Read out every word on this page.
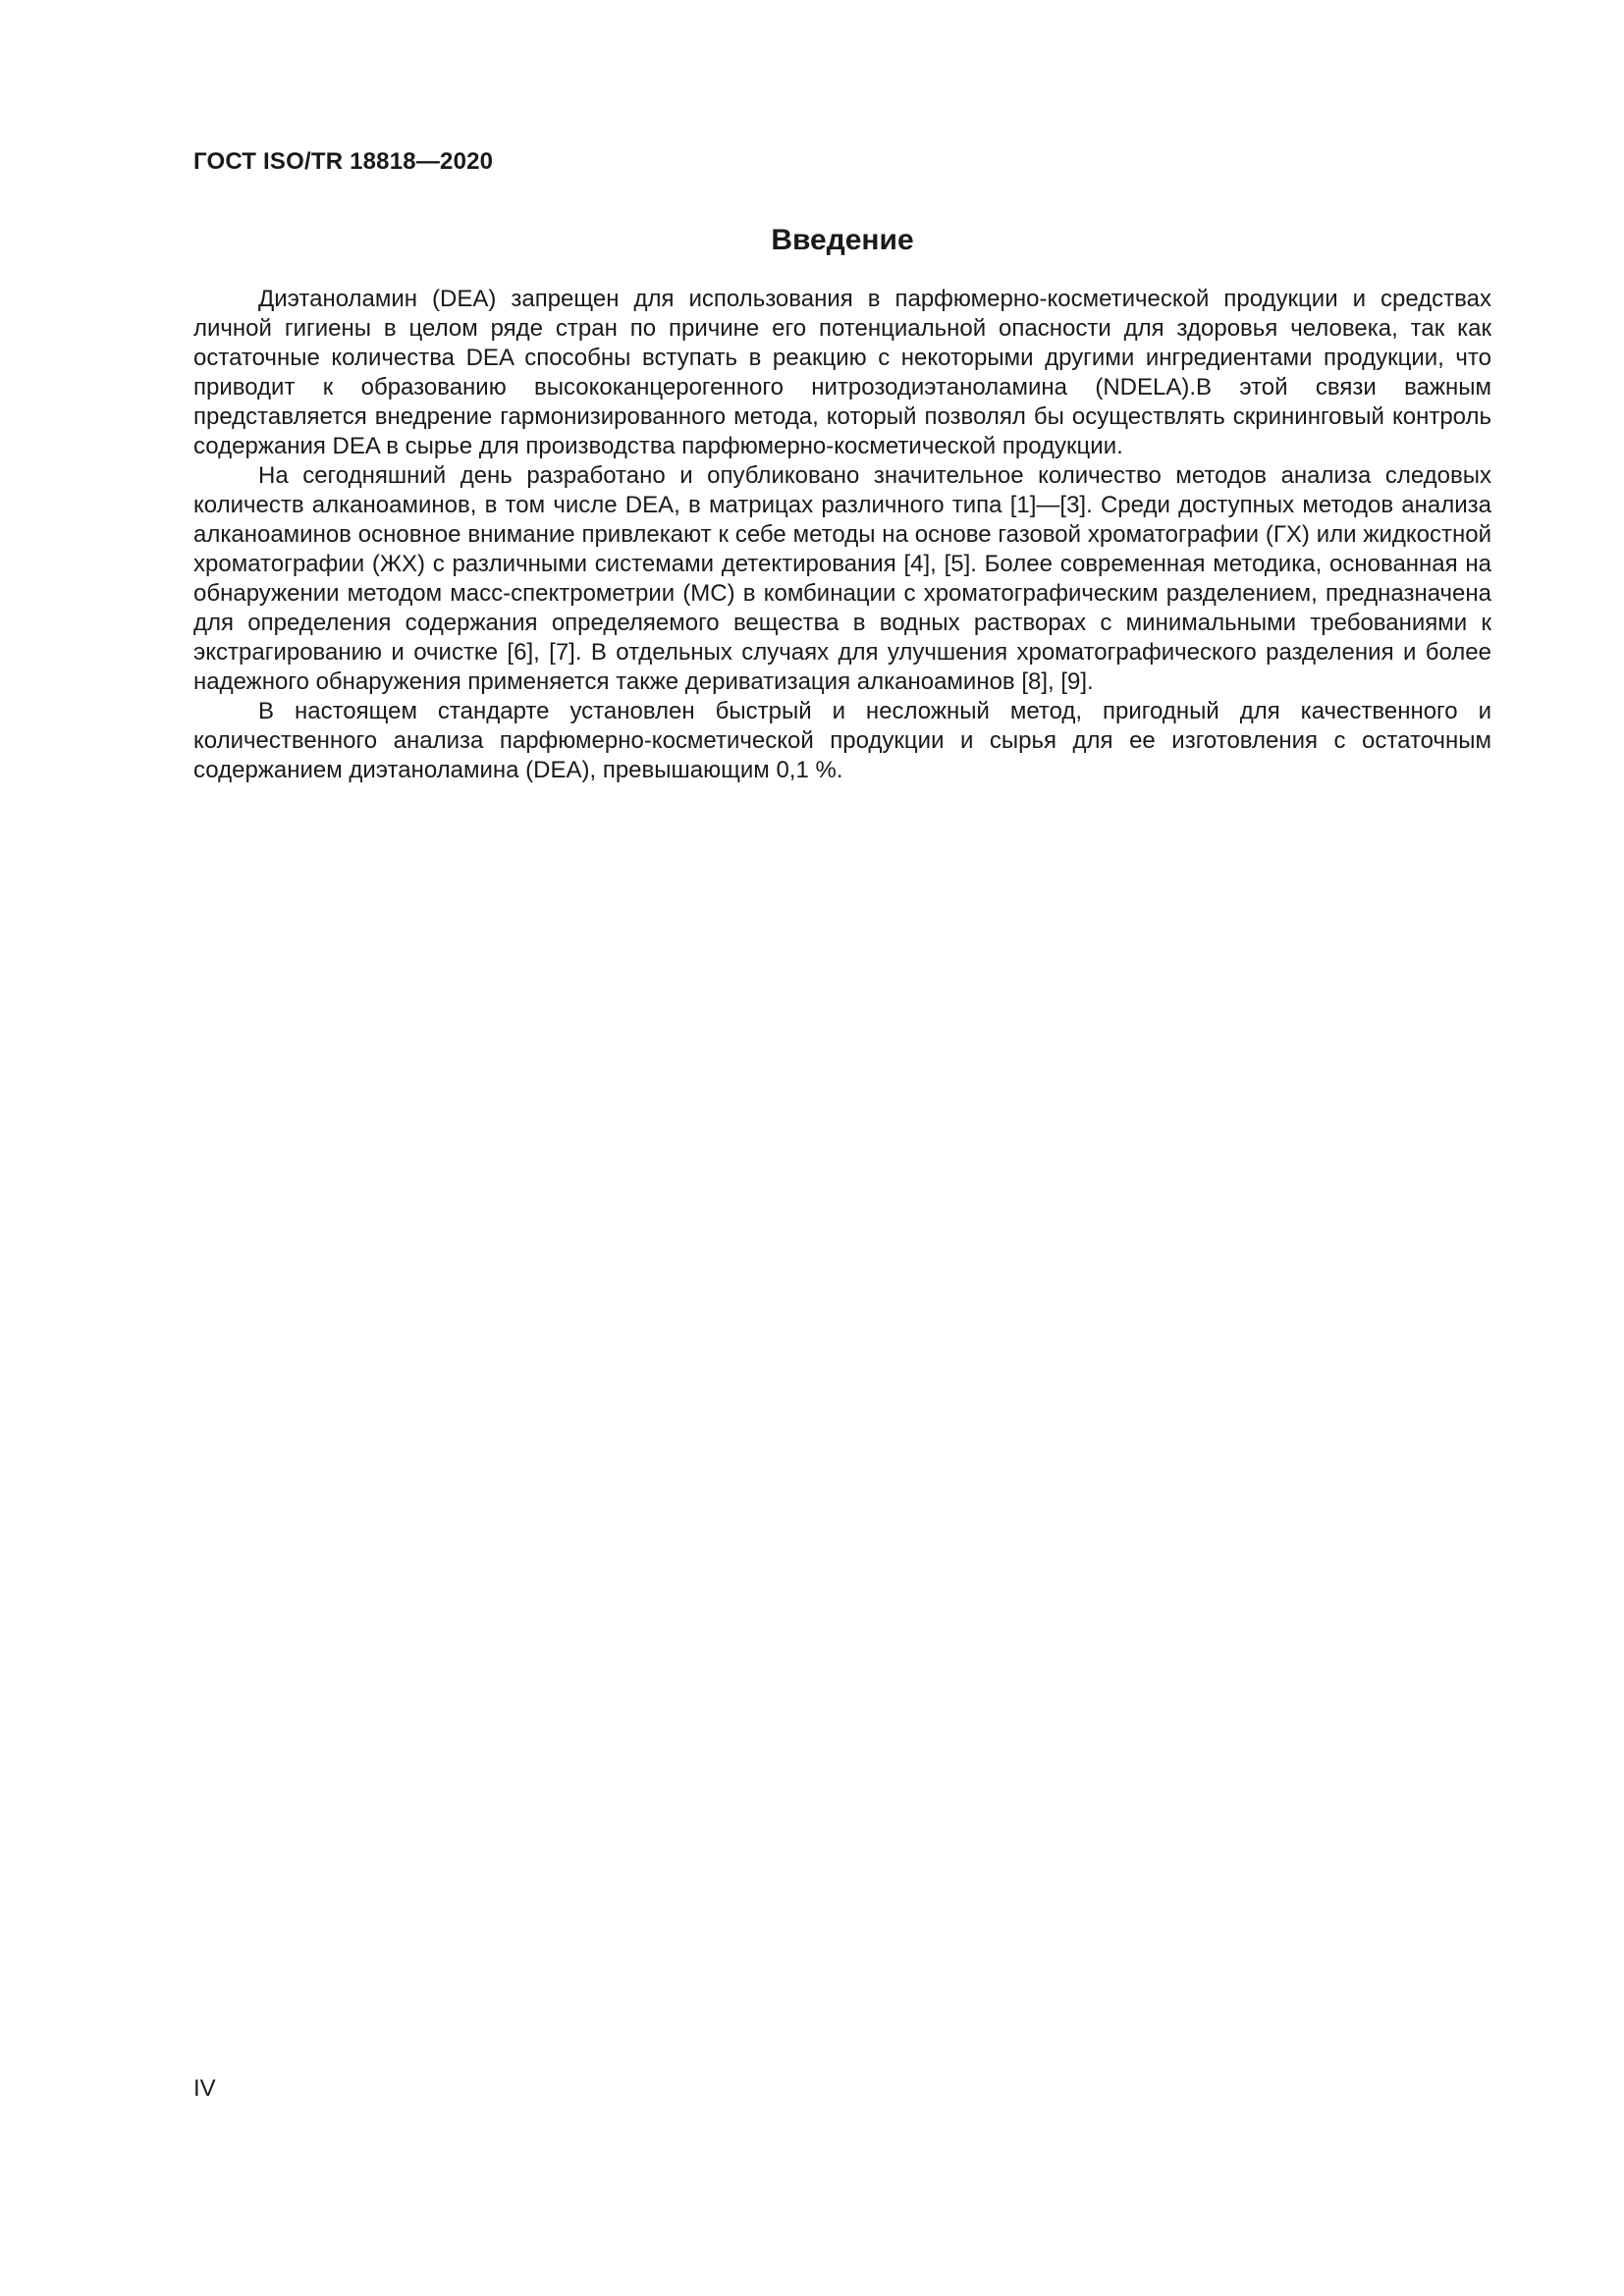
ГОСТ ISO/TR 18818—2020
Введение

Диэтаноламин (DEA) запрещен для использования в парфюмерно-косметической продукции и средствах личной гигиены в целом ряде стран по причине его потенциальной опасности для здоровья человека, так как остаточные количества DEA способны вступать в реакцию с некоторыми другими ингредиентами продукции, что приводит к образованию высококанцерогенного нитрозодиэтаноламина (NDELA).В этой связи важным представляется внедрение гармонизированного метода, который позволял бы осуществлять скрининговый контроль содержания DEA в сырье для производства парфюмерно-косметической продукции.

На сегодняшний день разработано и опубликовано значительное количество методов анализа следовых количеств алканоаминов, в том числе DEA, в матрицах различного типа [1]—[3]. Среди доступных методов анализа алканоаминов основное внимание привлекают к себе методы на основе газовой хроматографии (ГХ) или жидкостной хроматографии (ЖХ) с различными системами детектирования [4], [5]. Более современная методика, основанная на обнаружении методом масс-спектрометрии (МС) в комбинации с хроматографическим разделением, предназначена для определения содержания определяемого вещества в водных растворах с минимальными требованиями к экстрагированию и очистке [6], [7]. В отдельных случаях для улучшения хроматографического разделения и более надежного обнаружения применяется также дериватизация алканоаминов [8], [9].

В настоящем стандарте установлен быстрый и несложный метод, пригодный для качественного и количественного анализа парфюмерно-косметической продукции и сырья для ее изготовления с остаточным содержанием диэтаноламина (DEA), превышающим 0,1 %.

IV
